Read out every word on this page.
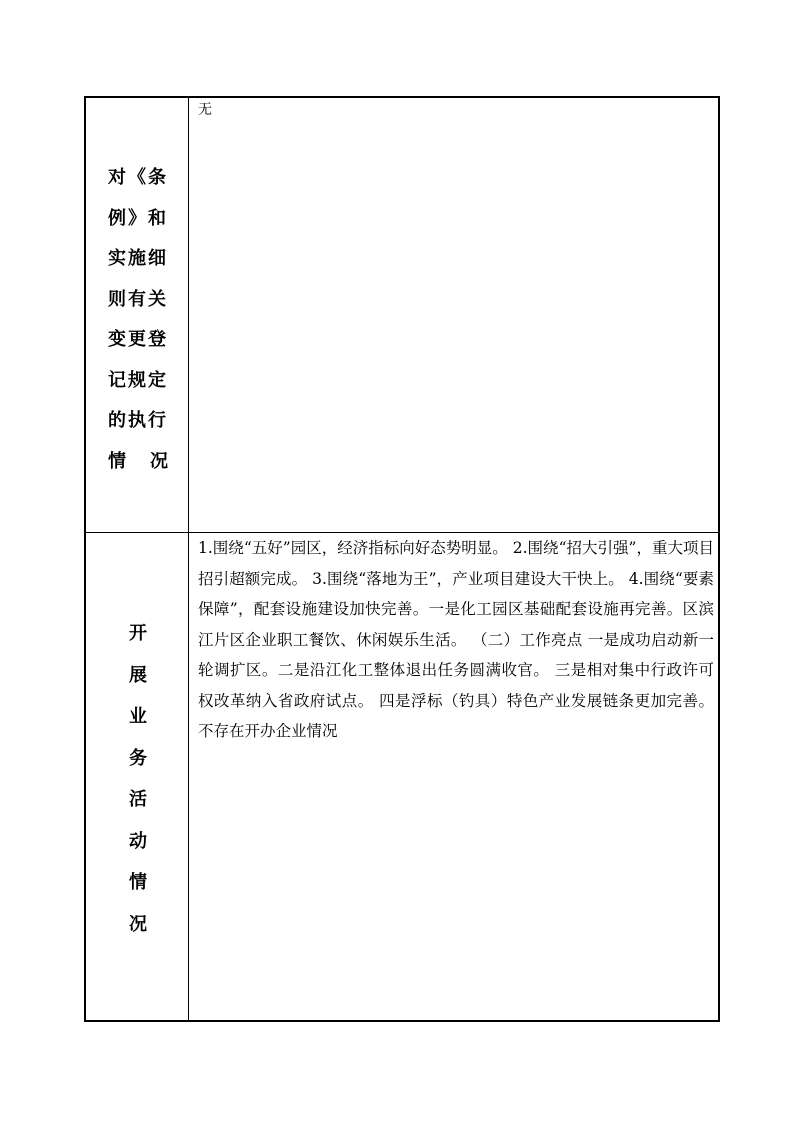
对《条例》和实施细则有关变更登记规定的执行
情 况
无
开展业务活动情况
1.围绕“五好”园区，经济指标向好态势明显。 2.围绕“招大引强”，重大项目招引超额完成。 3.围绕“落地为王”，产业项目建设大干快上。 4.围绕“要素保障”，配套设施建设加快完善。一是化工园区基础配套设施再完善。区滨江片区企业职工餐饮、休闲娱乐生活。 （二）工作亮点 一是成功启动新一轮调扩区。二是沿江化工整体退出任务圆满收官。 三是相对集中行政许可权改革纳入省政府试点。 四是浮标（钓具）特色产业发展链条更加完善。 不存在开办企业情况
